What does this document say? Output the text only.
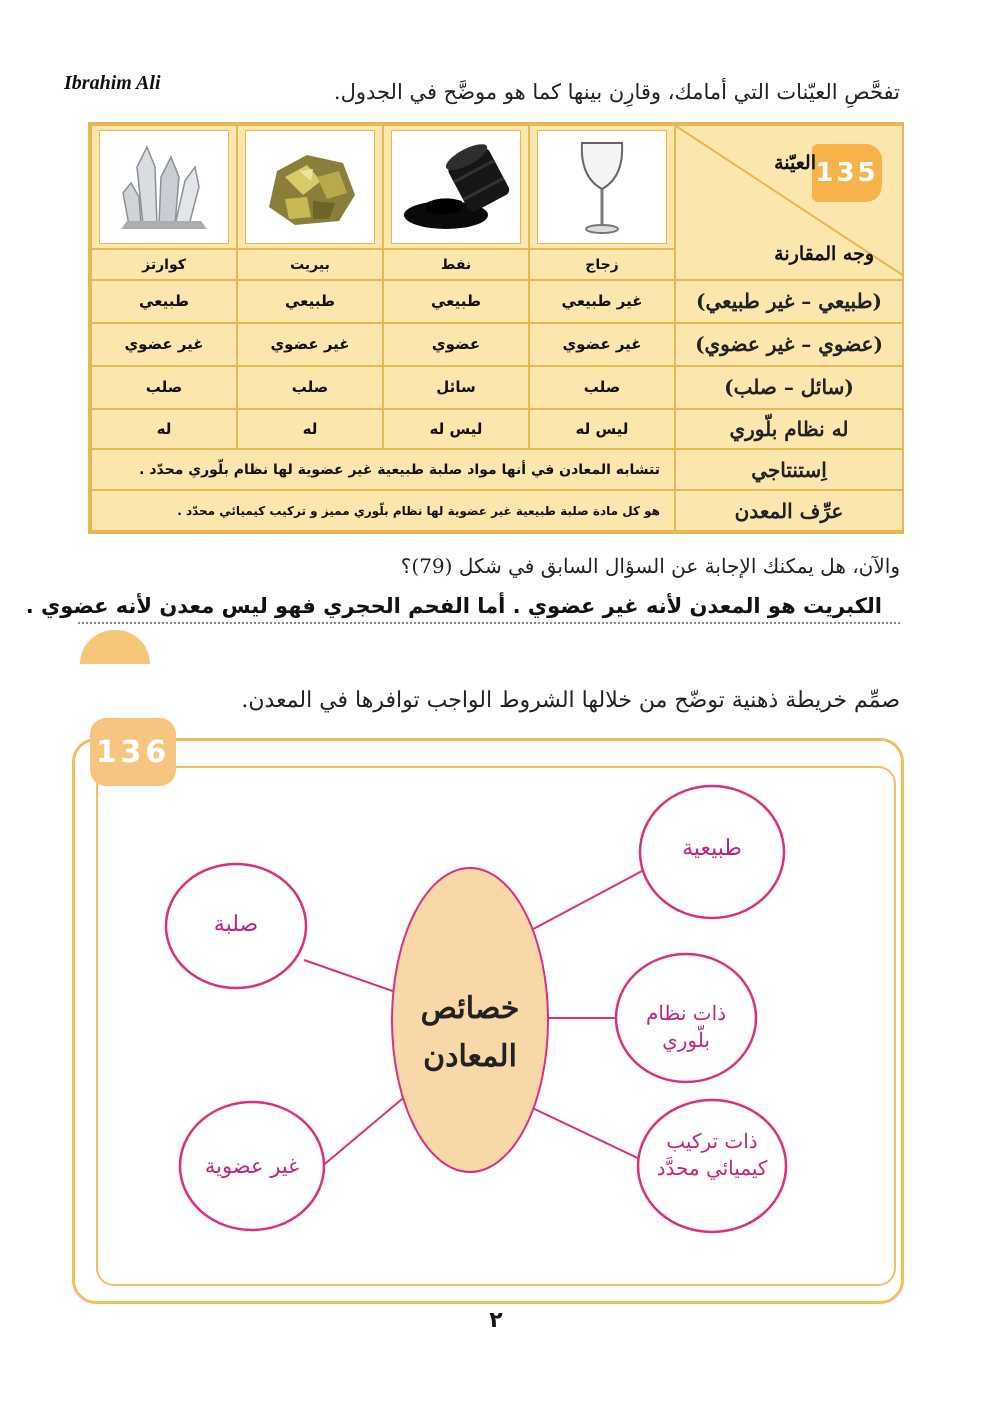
Ibrahim Ali	تفحَّصِ العيّنات التي أمامك، وقارِن بينها كما هو موضَّح في الجدول.
135
العيّنة
وجه المقارنة

	زجاج	نفط	بيريت	كوارتز
(طبيعي – غير طبيعي)	غير طبيعي	طبيعي	طبيعي	طبيعي
(عضوي – غير عضوي)	غير عضوي	عضوي	غير عضوي	غير عضوي
(سائل – صلب)	صلب	سائل	صلب	صلب
له نظام بلّوري	ليس له	ليس له	له	له
اِستنتاجي	تتشابه المعادن في أنها مواد صلبة طبيعية غير عضوية لها نظام بلّوري محدّد .			
عرِّف المعدن	هو كل مادة صلبة طبيعية غير عضوية لها نظام بلّوري مميز و تركيب كيميائي محدّد .			
والآن، هل يمكنك الإجابة عن السؤال السابق في شكل (79)؟
الكبريت هو المعدن لأنه غير عضوي . أما الفحم الحجري فهو ليس معدن لأنه عضوي .
صمِّم خريطة ذهنية توضّح من خلالها الشروط الواجب توافرها في المعدن.
136
خصائص
المعادن
طبيعية
ذات نظام بلّوري
ذات تركيب كيميائي محدَّد
صلبة
غير عضوية
٢
